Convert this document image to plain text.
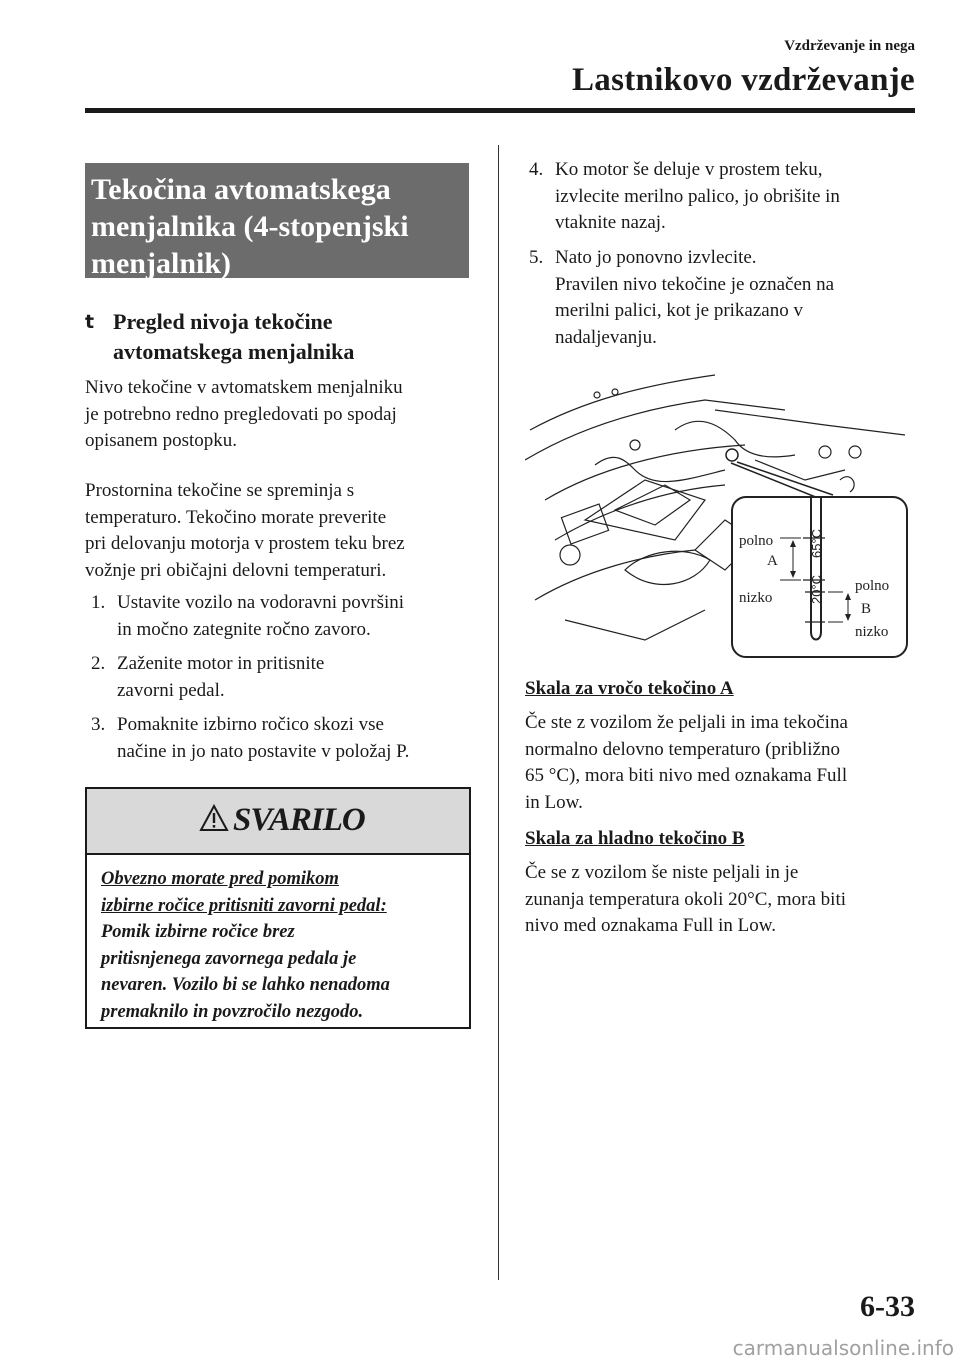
Vzdrževanje in nega
Lastnikovo vzdrževanje
Tekočina avtomatskega
menjalnika (4-stopenjski
menjalnik)
t Pregled nivoja tekočine
avtomatskega menjalnika
Nivo tekočine v avtomatskem menjalniku
je potrebno redno pregledovati po spodaj
opisanem postopku.
Prostornina tekočine se spreminja s
temperaturo. Tekočino morate preverite
pri delovanju motorja v prostem teku brez
vožnje pri običajni delovni temperaturi.
1. Ustavite vozilo na vodoravni površini
in močno zategnite ročno zavoro.
2. Zaženite motor in pritisnite
zavorni pedal.
3. Pomaknite izbirno ročico skozi vse
načine in jo nato postavite v položaj P.
SVARILO
Obvezno morate pred pomikom
izbirne ročice pritisniti zavorni pedal:
Pomik izbirne ročice brez
pritisnjenega zavornega pedala je
nevaren. Vozilo bi se lahko nenadoma
premaknilo in povzročilo nezgodo.
4. Ko motor še deluje v prostem teku,
izvlecite merilno palico, jo obrišite in
vtaknite nazaj.
5. Nato jo ponovno izvlecite.
Pravilen nivo tekočine je označen na
merilni palici, kot je prikazano v
nadaljevanju.
polno
A
nizko
polno
B
nizko
65°C
20°C
Skala za vročo tekočino A
Če ste z vozilom že peljali in ima tekočina
normalno delovno temperaturo (približno
65 °C), mora biti nivo med oznakama Full
in Low.
Skala za hladno tekočino B
Če se z vozilom še niste peljali in je
zunanja temperatura okoli 20°C, mora biti
nivo med oznakama Full in Low.
6-33
carmanualsonline.info
